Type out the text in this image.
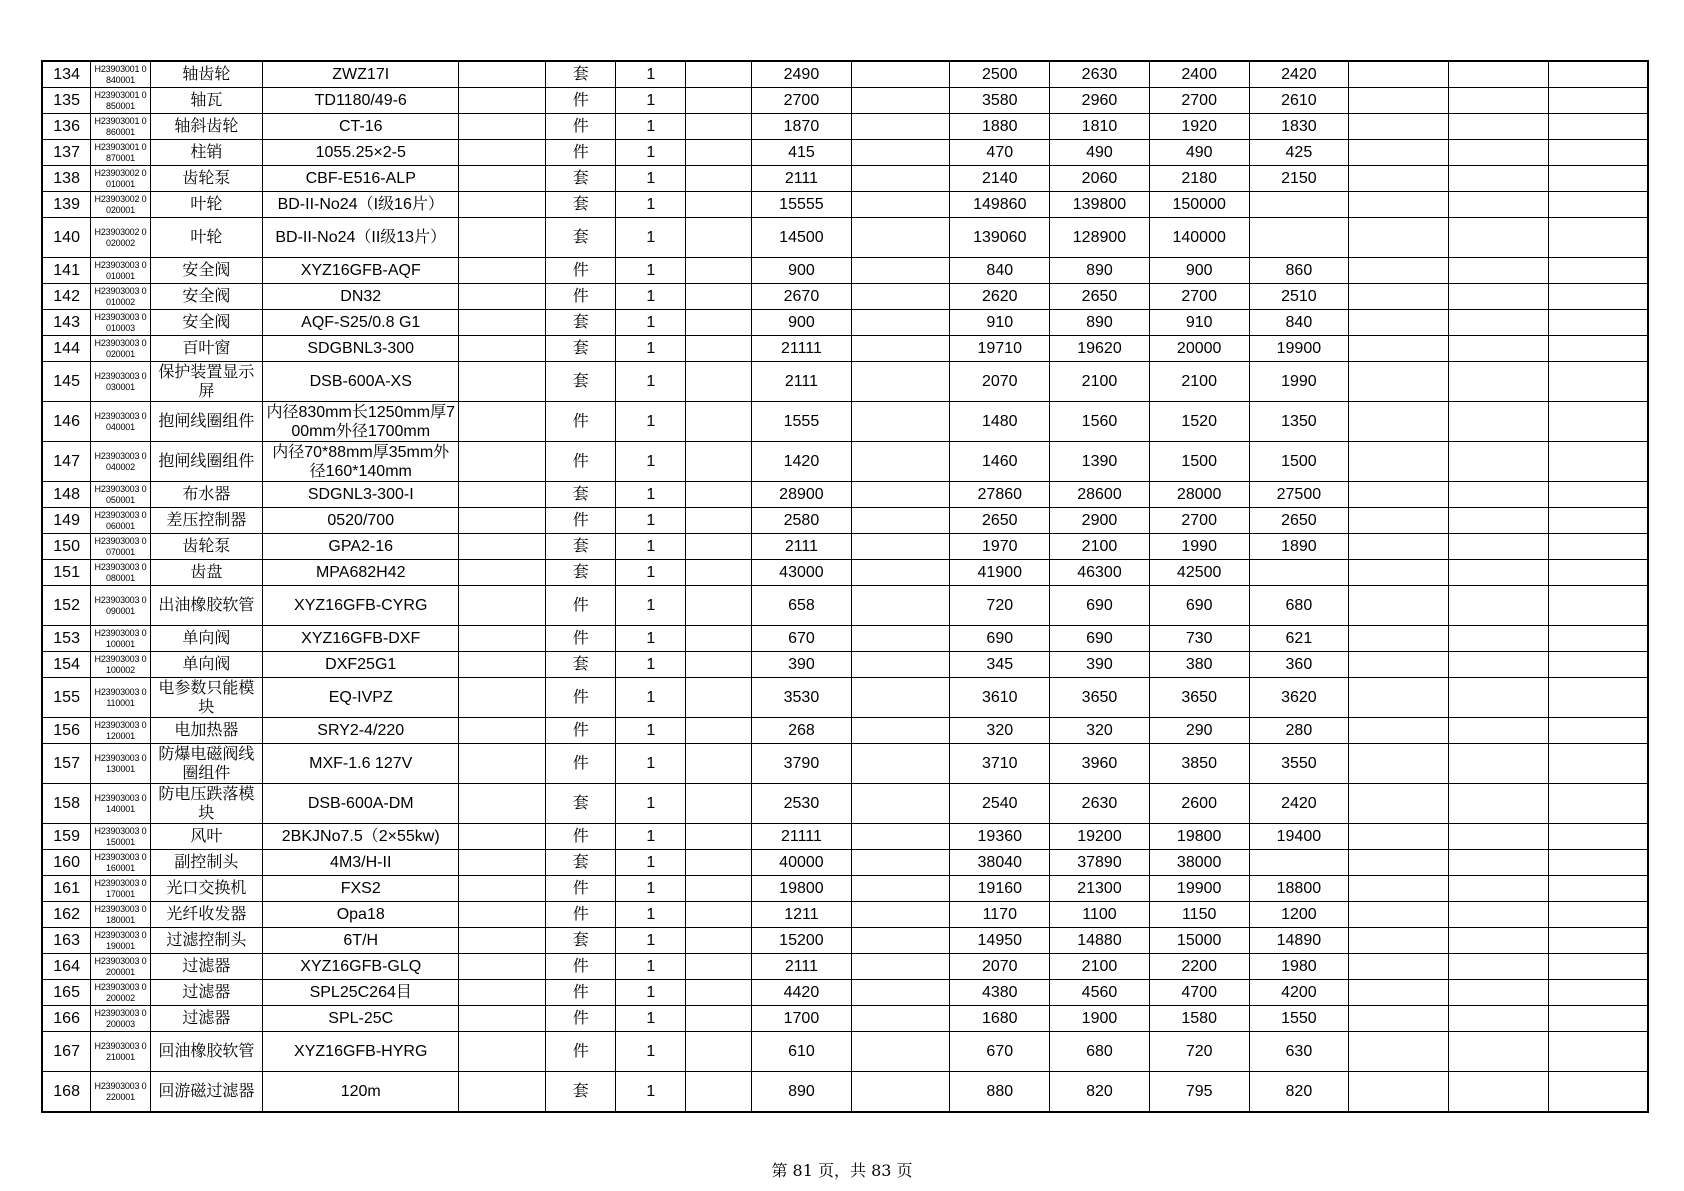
134	H23903001 0840001	轴齿轮	ZWZ17I		套	1		2490		2500	2630	2400	2420			
135	H23903001 0850001	轴瓦	TD1180/49-6		件	1		2700		3580	2960	2700	2610			
136	H23903001 0860001	轴斜齿轮	CT-16		件	1		1870		1880	1810	1920	1830			
137	H23903001 0870001	柱销	1055.25×2-5		件	1		415		470	490	490	425			
138	H23903002 0010001	齿轮泵	CBF-E516-ALP		套	1		2111		2140	2060	2180	2150			
139	H23903002 0020001	叶轮	BD-II-No24（I级16片）		套	1		15555		149860	139800	150000				
140	H23903002 0020002	叶轮	BD-II-No24（II级13片）		套	1		14500		139060	128900	140000				
141	H23903003 0010001	安全阀	XYZ16GFB-AQF		件	1		900		840	890	900	860			
142	H23903003 0010002	安全阀	DN32		件	1		2670		2620	2650	2700	2510			
143	H23903003 0010003	安全阀	AQF-S25/0.8 G1		套	1		900		910	890	910	840			
144	H23903003 0020001	百叶窗	SDGBNL3-300		套	1		21111		19710	19620	20000	19900			
145	H23903003 0030001	保护装置显示屏	DSB-600A-XS		套	1		2111		2070	2100	2100	1990			
146	H23903003 0040001	抱闸线圈组件	内径830mm长1250mm厚700mm外径1700mm		件	1		1555		1480	1560	1520	1350			
147	H23903003 0040002	抱闸线圈组件	内径70*88mm厚35mm外径160*140mm		件	1		1420		1460	1390	1500	1500			
148	H23903003 0050001	布水器	SDGNL3-300-I		套	1		28900		27860	28600	28000	27500			
149	H23903003 0060001	差压控制器	0520/700		件	1		2580		2650	2900	2700	2650			
150	H23903003 0070001	齿轮泵	GPA2-16		套	1		2111		1970	2100	1990	1890			
151	H23903003 0080001	齿盘	MPA682H42		套	1		43000		41900	46300	42500				
152	H23903003 0090001	出油橡胶软管	XYZ16GFB-CYRG		件	1		658		720	690	690	680			
153	H23903003 0100001	单向阀	XYZ16GFB-DXF		件	1		670		690	690	730	621			
154	H23903003 0100002	单向阀	DXF25G1		套	1		390		345	390	380	360			
155	H23903003 0110001	电参数只能模块	EQ-IVPZ		件	1		3530		3610	3650	3650	3620			
156	H23903003 0120001	电加热器	SRY2-4/220		件	1		268		320	320	290	280			
157	H23903003 0130001	防爆电磁阀线圈组件	MXF-1.6 127V		件	1		3790		3710	3960	3850	3550			
158	H23903003 0140001	防电压跌落模块	DSB-600A-DM		套	1		2530		2540	2630	2600	2420			
159	H23903003 0150001	风叶	2BKJNo7.5（2×55kw)		件	1		21111		19360	19200	19800	19400			
160	H23903003 0160001	副控制头	4M3/H-II		套	1		40000		38040	37890	38000				
161	H23903003 0170001	光口交换机	FXS2		件	1		19800		19160	21300	19900	18800			
162	H23903003 0180001	光纤收发器	Opa18		件	1		1211		1170	1100	1150	1200			
163	H23903003 0190001	过滤控制头	6T/H		套	1		15200		14950	14880	15000	14890			
164	H23903003 0200001	过滤器	XYZ16GFB-GLQ		件	1		2111		2070	2100	2200	1980			
165	H23903003 0200002	过滤器	SPL25C264目		件	1		4420		4380	4560	4700	4200			
166	H23903003 0200003	过滤器	SPL-25C		件	1		1700		1680	1900	1580	1550			
167	H23903003 0210001	回油橡胶软管	XYZ16GFB-HYRG		件	1		610		670	680	720	630			
168	H23903003 0220001	回游磁过滤器	120m		套	1		890		880	820	795	820			
第 81 页，共 83 页
